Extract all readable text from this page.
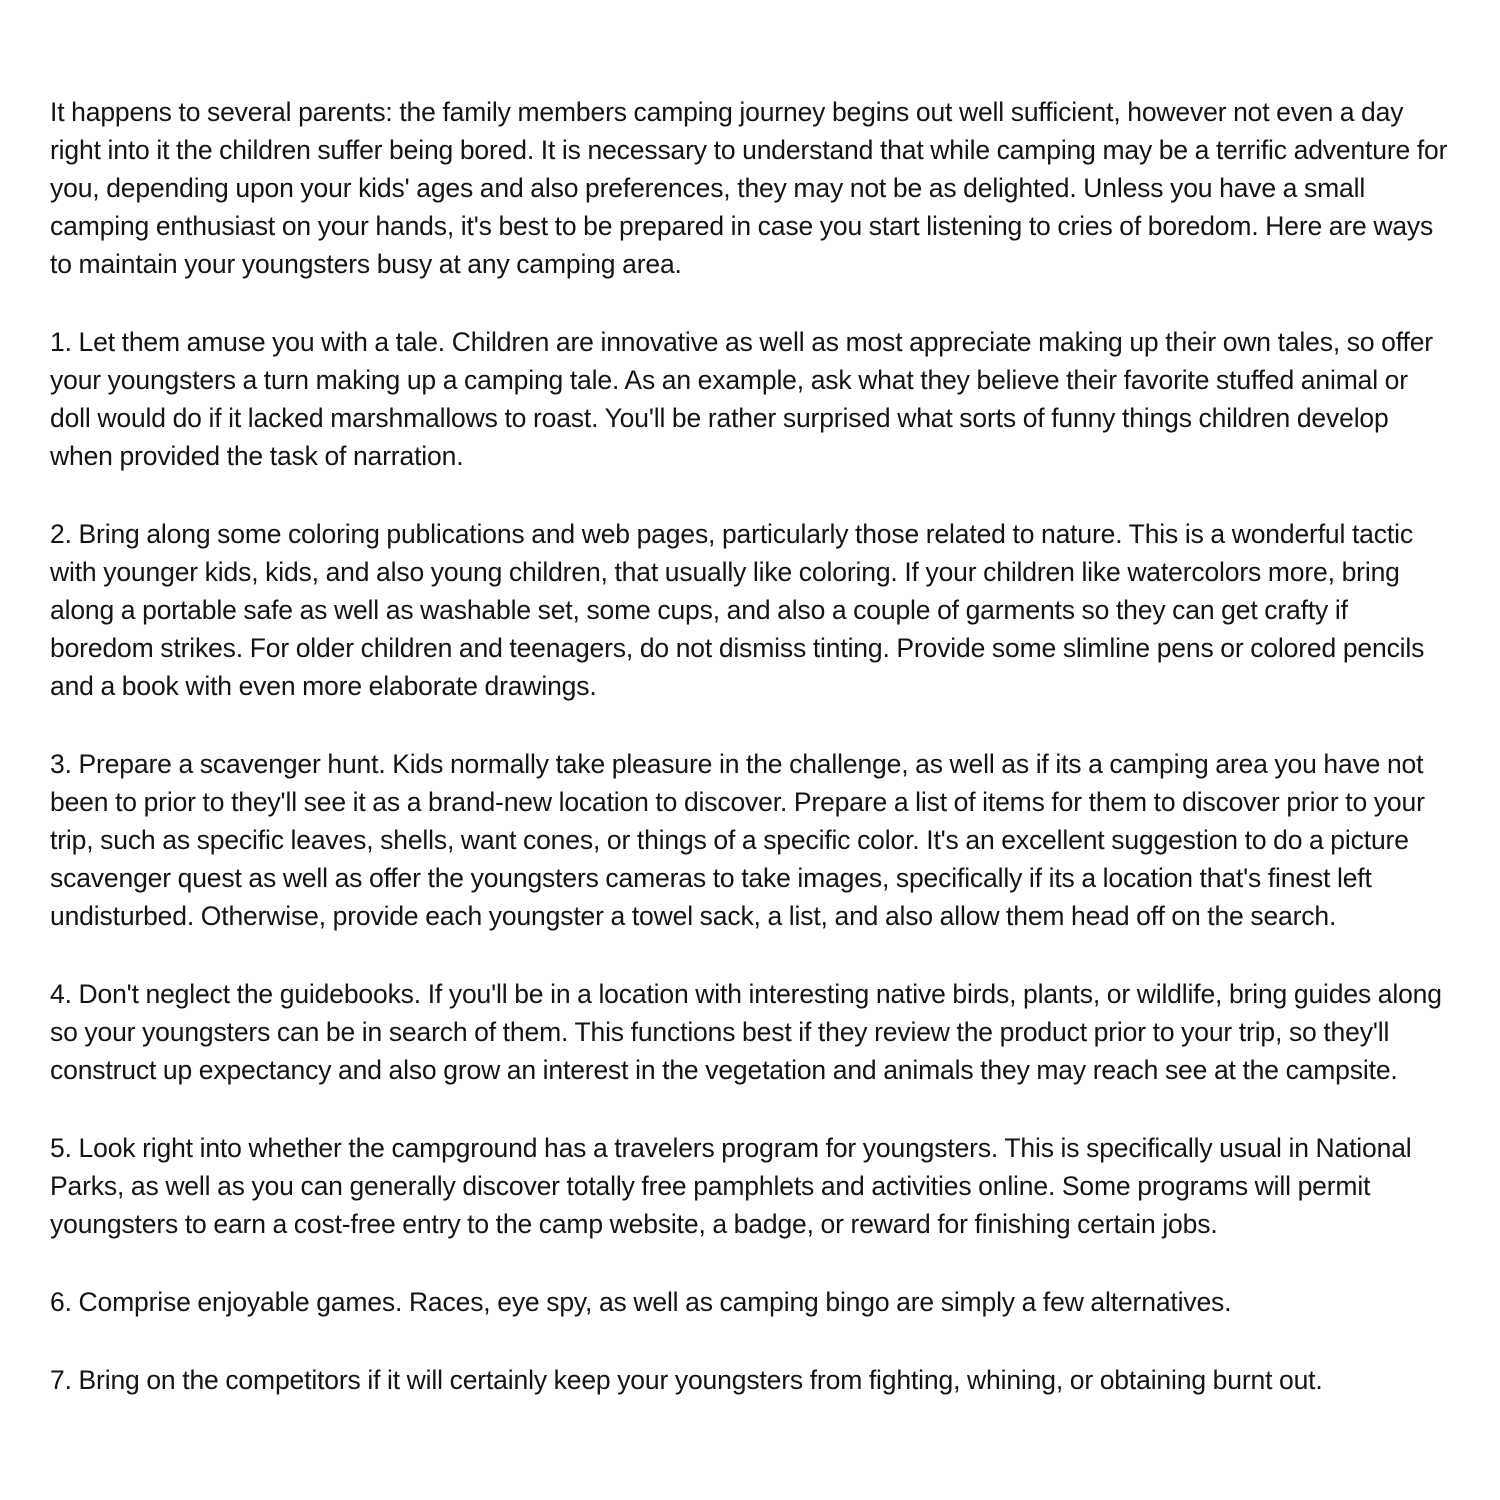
It happens to several parents: the family members camping journey begins out well sufficient, however not even a day right into it the children suffer being bored. It is necessary to understand that while camping may be a terrific adventure for you, depending upon your kids' ages and also preferences, they may not be as delighted. Unless you have a small camping enthusiast on your hands, it's best to be prepared in case you start listening to cries of boredom. Here are ways to maintain your youngsters busy at any camping area.

1. Let them amuse you with a tale. Children are innovative as well as most appreciate making up their own tales, so offer your youngsters a turn making up a camping tale. As an example, ask what they believe their favorite stuffed animal or doll would do if it lacked marshmallows to roast. You'll be rather surprised what sorts of funny things children develop when provided the task of narration.

2. Bring along some coloring publications and web pages, particularly those related to nature. This is a wonderful tactic with younger kids, kids, and also young children, that usually like coloring. If your children like watercolors more, bring along a portable safe as well as washable set, some cups, and also a couple of garments so they can get crafty if boredom strikes. For older children and teenagers, do not dismiss tinting. Provide some slimline pens or colored pencils and a book with even more elaborate drawings.

3. Prepare a scavenger hunt. Kids normally take pleasure in the challenge, as well as if its a camping area you have not been to prior to they'll see it as a brand-new location to discover. Prepare a list of items for them to discover prior to your trip, such as specific leaves, shells, want cones, or things of a specific color. It's an excellent suggestion to do a picture scavenger quest as well as offer the youngsters cameras to take images, specifically if its a location that's finest left undisturbed. Otherwise, provide each youngster a towel sack, a list, and also allow them head off on the search.

4. Don't neglect the guidebooks. If you'll be in a location with interesting native birds, plants, or wildlife, bring guides along so your youngsters can be in search of them. This functions best if they review the product prior to your trip, so they'll construct up expectancy and also grow an interest in the vegetation and animals they may reach see at the campsite.

5. Look right into whether the campground has a travelers program for youngsters. This is specifically usual in National Parks, as well as you can generally discover totally free pamphlets and activities online. Some programs will permit youngsters to earn a cost-free entry to the camp website, a badge, or reward for finishing certain jobs.

6. Comprise enjoyable games. Races, eye spy, as well as camping bingo are simply a few alternatives.

7. Bring on the competitors if it will certainly keep your youngsters from fighting, whining, or obtaining burnt out.
